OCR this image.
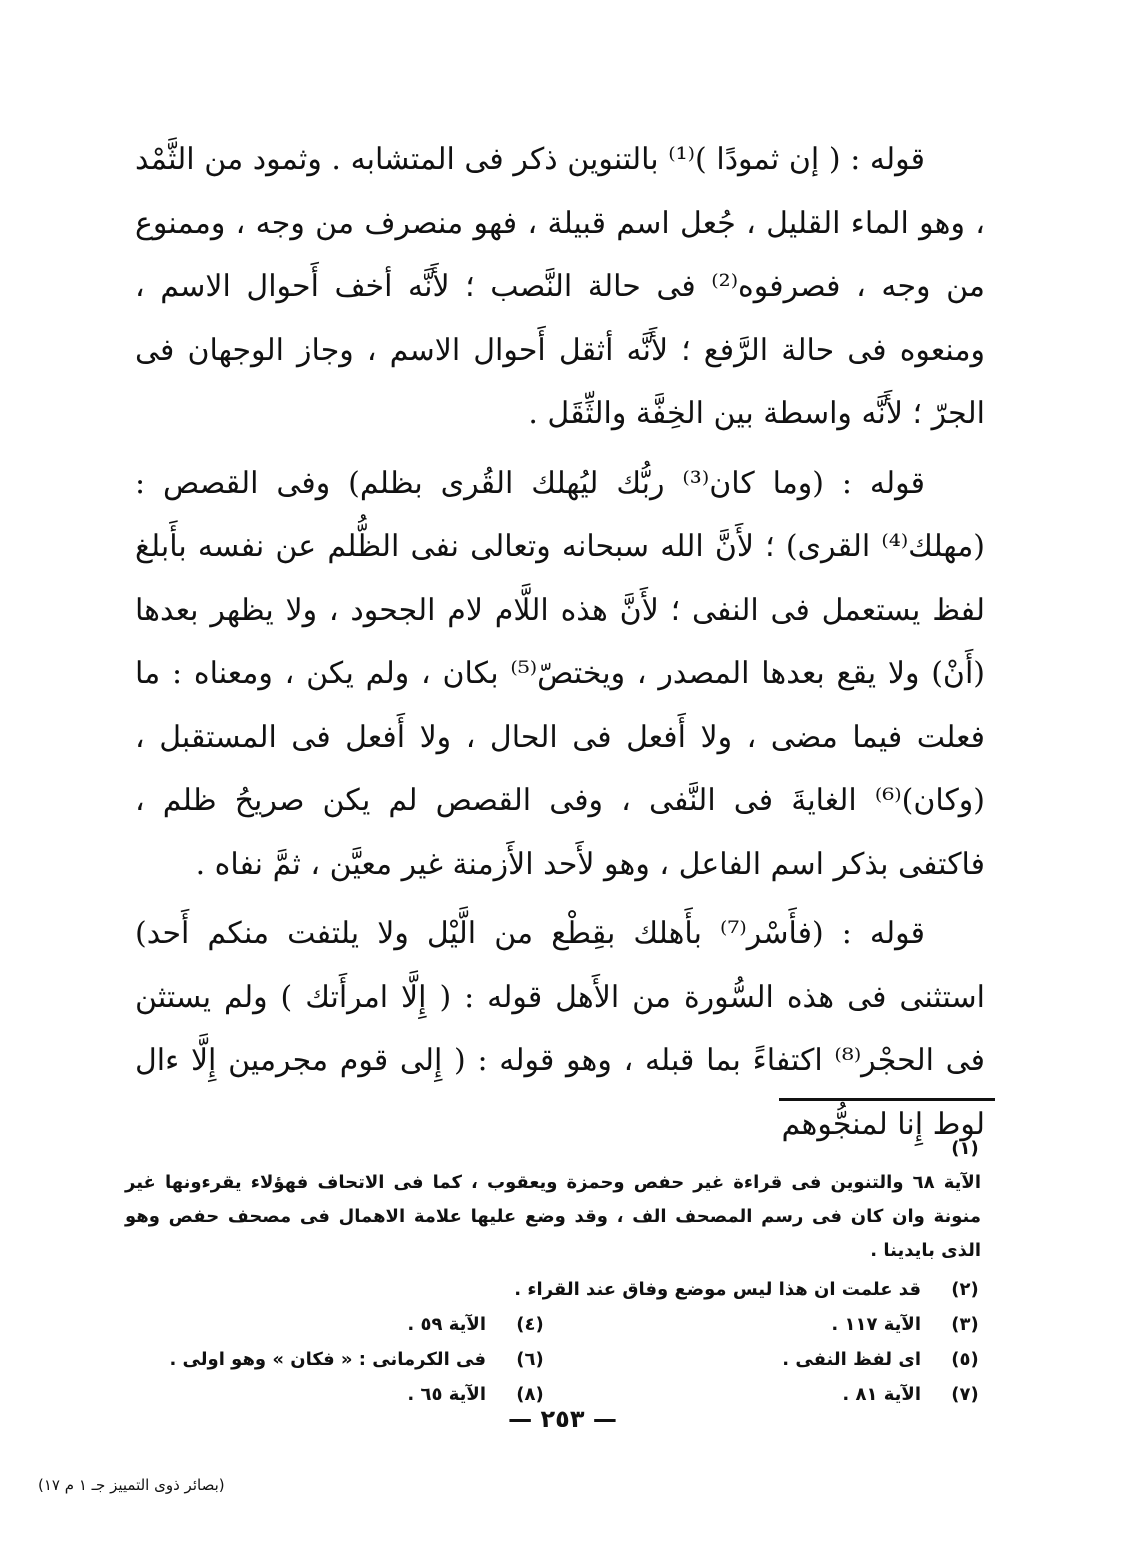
قوله : ( إن ثمودًا )⁽¹⁾ بالتنوين ذكر فى المتشابه . وثمود من الثَّمْد ، وهو الماء القليل ، جُعل اسم قبيلة ، فهو منصرف من وجه ، وممنوع من وجه ، فصرفوه⁽²⁾ فى حالة النَّصب ؛ لأَنَّه أخف أَحوال الاسم ، ومنعوه فى حالة الرَّفع ؛ لأَنَّه أثقل أَحوال الاسم ، وجاز الوجهان فى الجرّ ؛ لأَنَّه واسطة بين الخِفَّة والثِّقَل .

قوله : (وما كان⁽³⁾ ربُّك ليُهلك القُرى بظلم) وفى القصص : (مهلك⁽⁴⁾ القرى) ؛ لأَنَّ الله سبحانه وتعالى نفى الظُّلم عن نفسه بأَبلغ لفظ يستعمل فى النفى ؛ لأَنَّ هذه اللَّام لام الجحود ، ولا يظهر بعدها (أَنْ) ولا يقع بعدها المصدر ، ويختصّ⁽⁵⁾ بكان ، ولم يكن ، ومعناه : ما فعلت فيما مضى ، ولا أَفعل فى الحال ، ولا أَفعل فى المستقبل ، (وكان)⁽⁶⁾ الغايةَ فى النَّفى ، وفى القصص لم يكن صريحُ ظلم ، فاكتفى بذكر اسم الفاعل ، وهو لأَحد الأَزمنة غير معيَّن ، ثمَّ نفاه .

قوله : (فأَسْر⁽⁷⁾ بأَهلك بقِطْع من الَّيْل ولا يلتفت منكم أَحد) استثنى فى هذه السُّورة من الأَهل قوله : ( إِلَّا امرأَتك ) ولم يستثن فى الحجْر⁽⁸⁾ اكتفاءً بما قبله ، وهو قوله : ( إِلى قوم مجرمين إِلَّا ءال لوط إِنا لمنجُّوهم

(١)الآية ٦٨ والتنوين فى قراءة غير حفص وحمزة ويعقوب ، كما فى الاتحاف فهؤلاء يقرءونها غير منونة وان كان فى رسم المصحف الف ، وقد وضع عليها علامة الاهمال فى مصحف حفص وهو الذى بايدينا .
(٢)
قد علمت ان هذا ليس موضع وفاق عند القراء .
(٣)
الآية ١١٧ .
(٤)
الآية ٥٩ .
(٥)
اى لفظ النفى .
(٦)
فى الكرمانى : « فكان » وهو اولى .
(٧)
الآية ٨١ .
(٨)
الآية ٦٥ .
— ٢٥٣ —
(بصائر ذوى التمييز جـ ١ م ١٧)
